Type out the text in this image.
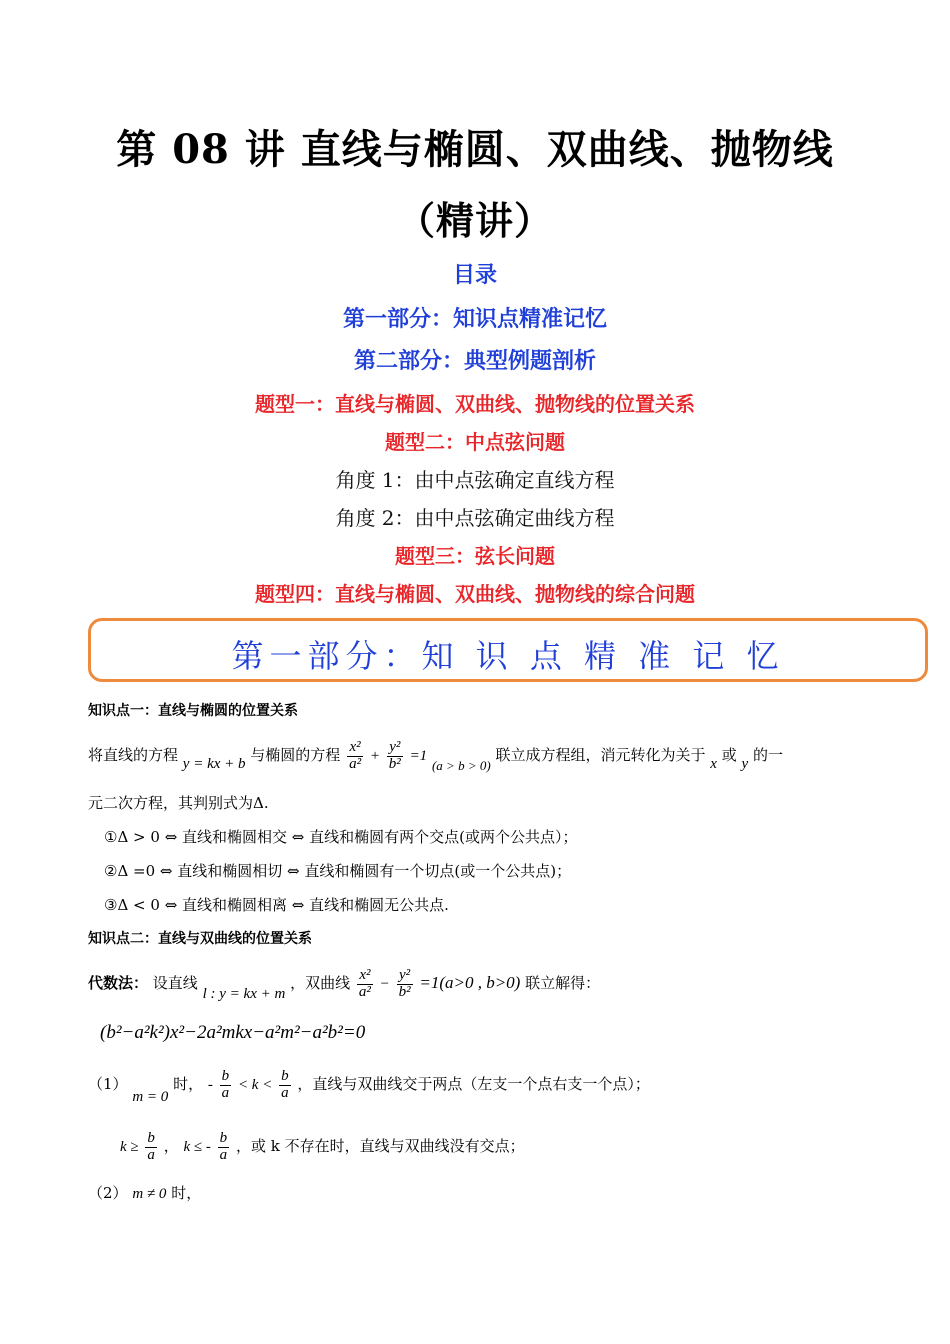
第 08 讲 直线与椭圆、双曲线、抛物线
（精讲）
目录
第一部分：知识点精准记忆
第二部分：典型例题剖析
题型一：直线与椭圆、双曲线、抛物线的位置关系
题型二：中点弦问题
角度 1：由中点弦确定直线方程
角度 2：由中点弦确定曲线方程
题型三：弦长问题
题型四：直线与椭圆、双曲线、抛物线的综合问题
第一部分：知 识 点 精 准 记 忆
知识点一：直线与椭圆的位置关系
将直线的方程 y = kx + b 与椭圆的方程 $\frac{\text{x²}}{\text{a²}} + \frac{\text{y²}}{\text{b²}} =1$ (a > b > 0) 联立成方程组，消元转化为关于 x 或 y 的一
元二次方程，其判别式为Δ.
①Δ > 0 ⇔ 直线和椭圆相交 ⇔ 直线和椭圆有两个交点(或两个公共点）；
②Δ =0 ⇔ 直线和椭圆相切 ⇔ 直线和椭圆有一个切点(或一个公共点)；
③Δ < 0 ⇔ 直线和椭圆相离 ⇔ 直线和椭圆无公共点.
知识点二：直线与双曲线的位置关系
代数法： 设直线 l : y = kx + m ，双曲线 $\frac{\text{x²}}{\text{a²}} - \frac{\text{y²}}{\text{b²}} =1(a>0$ , b>0) 联立解得：
(b²−a²k²)x²−2a²mkx−a²m²−a²b²=0
（1） m = 0 时， - $\frac{b}{a} < k < \frac{b}{a}$ ，直线与双曲线交于两点（左支一个点右支一个点）；
$k \ge \frac{b}{a}$ ， k ≤ - $\frac{b}{a}$ ，或 k 不存在时，直线与双曲线没有交点；
（2） m ≠ 0 时，
